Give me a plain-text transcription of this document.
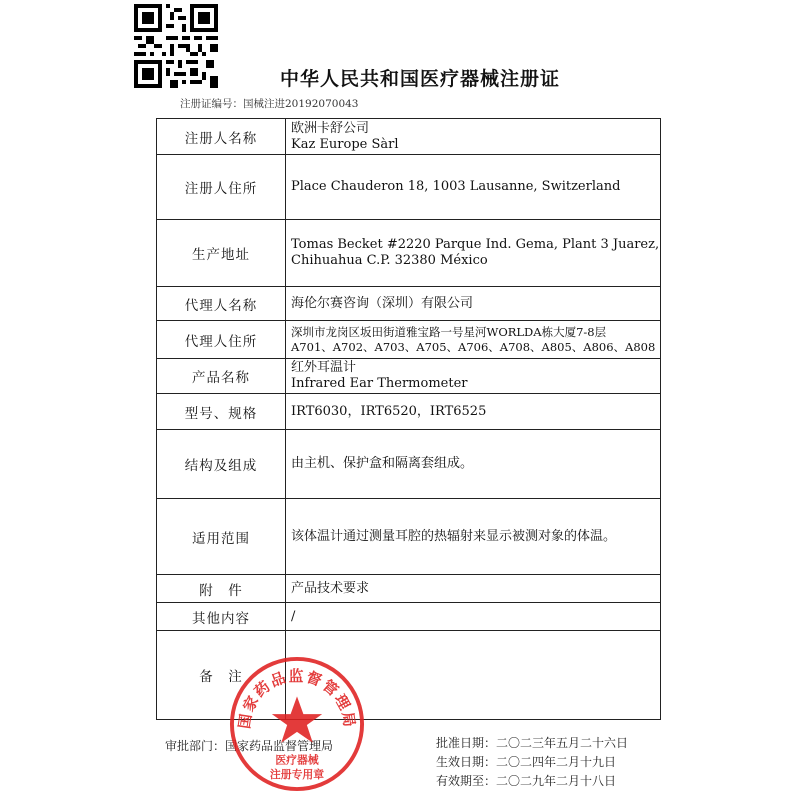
中华人民共和国医疗器械注册证
注册证编号：国械注进20192070043
注册人名称	欧洲卡舒公司
Kaz Europe Sàrl

注册人住所	Place Chauderon 18, 1003 Lausanne, Switzerland

生产地址	Tomas Becket #2220 Parque Ind. Gema, Plant 3 Juarez,
Chihuahua C.P. 32380 México

代理人名称	海伦尔赛咨询（深圳）有限公司

代理人住所	深圳市龙岗区坂田街道雅宝路一号星河WORLDA栋大厦7-8层
A701、A702、A703、A705、A706、A708、A805、A806、A808

产品名称	红外耳温计
Infrared Ear Thermometer

型号、规格	IRT6030，IRT6520，IRT6525

结构及组成	由主机、保护盒和隔离套组成。

适用范围	该体温计通过测量耳腔的热辐射来显示被测对象的体温。

附　件	产品技术要求

其他内容	/

备　注	
审批部门：国家药品监督管理局	批准日期：二〇二三年五月二十六日
生效日期：二〇二四年二月十九日
有效期至：二〇二九年二月十八日
国家药品监督管理局
医疗器械
注册专用章
